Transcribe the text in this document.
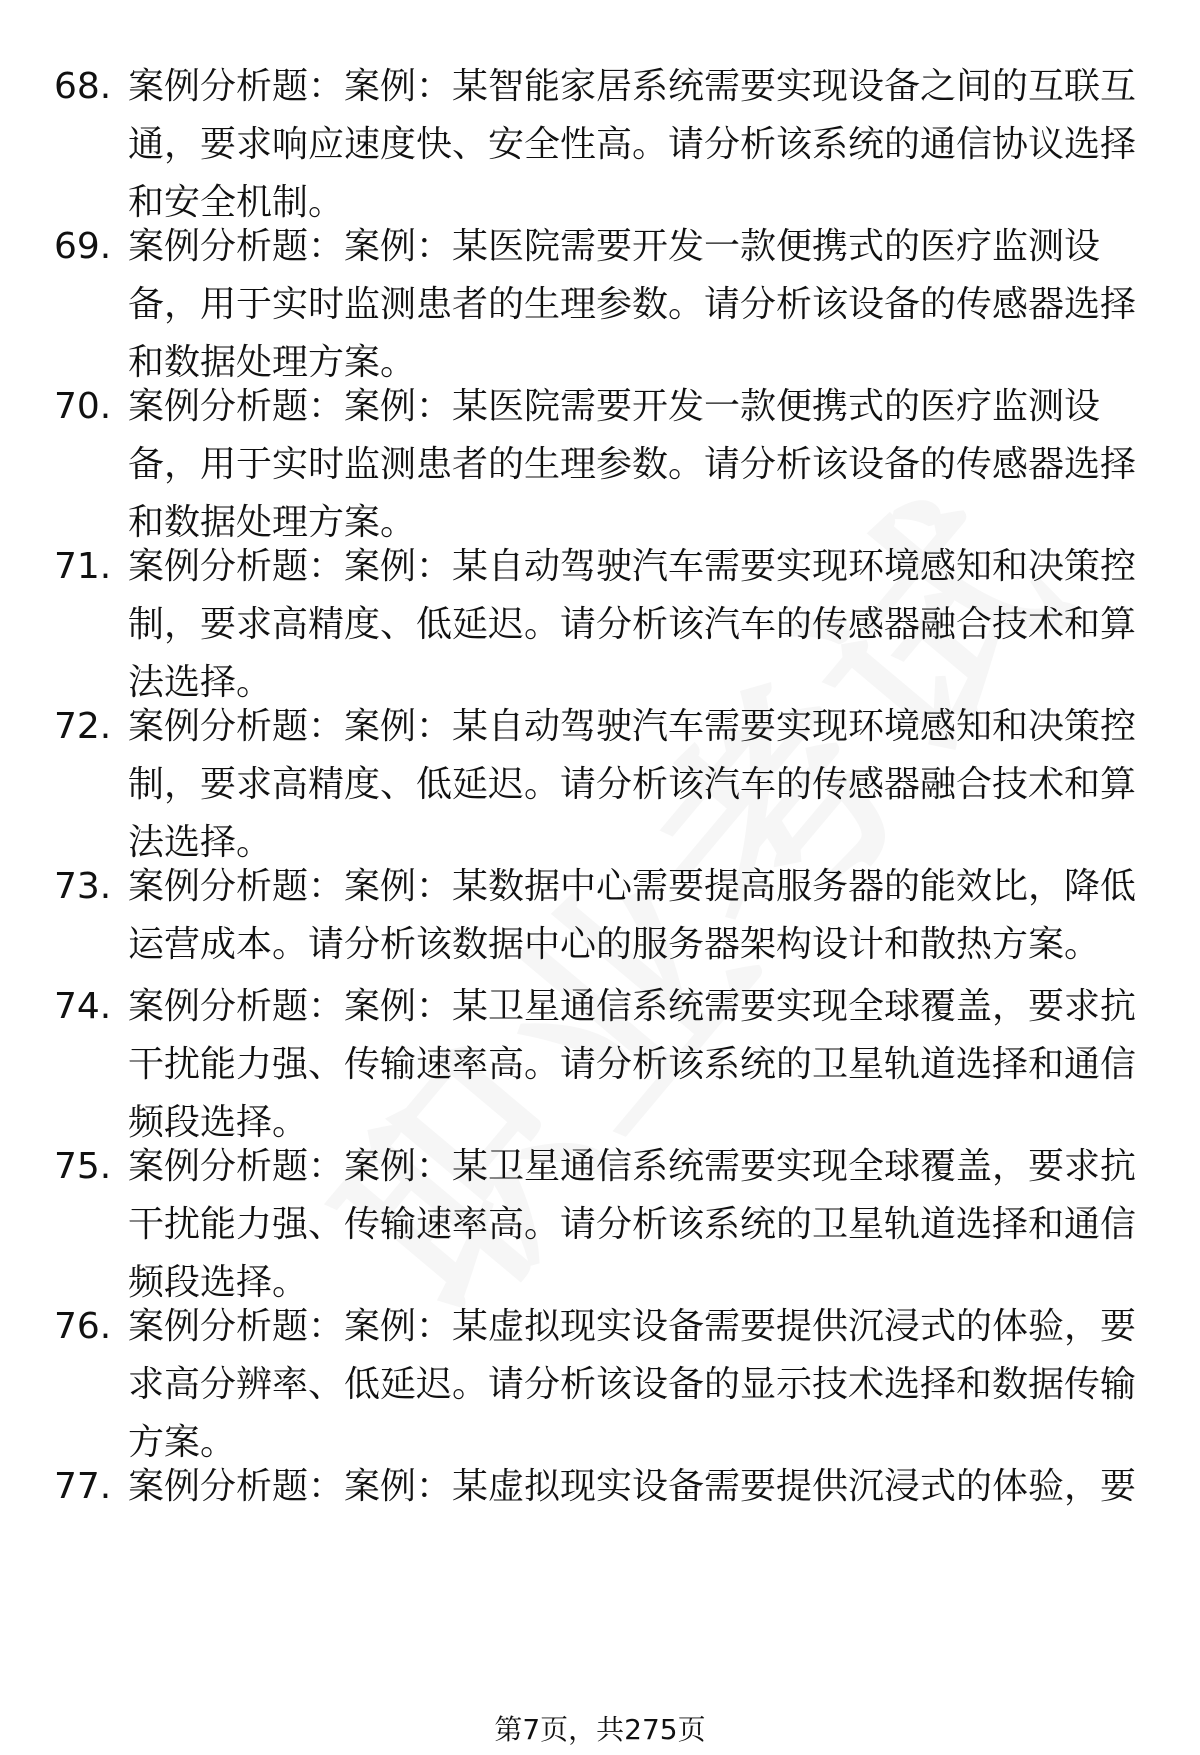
68. 案例分析题：案例：某智能家居系统需要实现设备之间的互联互通，要求响应速度快、安全性高。请分析该系统的通信协议选择和安全机制。
69. 案例分析题：案例：某医院需要开发一款便携式的医疗监测设备，用于实时监测患者的生理参数。请分析该设备的传感器选择和数据处理方案。
70. 案例分析题：案例：某医院需要开发一款便携式的医疗监测设备，用于实时监测患者的生理参数。请分析该设备的传感器选择和数据处理方案。
71. 案例分析题：案例：某自动驾驶汽车需要实现环境感知和决策控制，要求高精度、低延迟。请分析该汽车的传感器融合技术和算法选择。
72. 案例分析题：案例：某自动驾驶汽车需要实现环境感知和决策控制，要求高精度、低延迟。请分析该汽车的传感器融合技术和算法选择。
73. 案例分析题：案例：某数据中心需要提高服务器的能效比，降低运营成本。请分析该数据中心的服务器架构设计和散热方案。
74. 案例分析题：案例：某卫星通信系统需要实现全球覆盖，要求抗干扰能力强、传输速率高。请分析该系统的卫星轨道选择和通信频段选择。
75. 案例分析题：案例：某卫星通信系统需要实现全球覆盖，要求抗干扰能力强、传输速率高。请分析该系统的卫星轨道选择和通信频段选择。
76. 案例分析题：案例：某虚拟现实设备需要提供沉浸式的体验，要求高分辨率、低延迟。请分析该设备的显示技术选择和数据传输方案。
77. 案例分析题：案例：某虚拟现实设备需要提供沉浸式的体验，要
第7页，共275页
